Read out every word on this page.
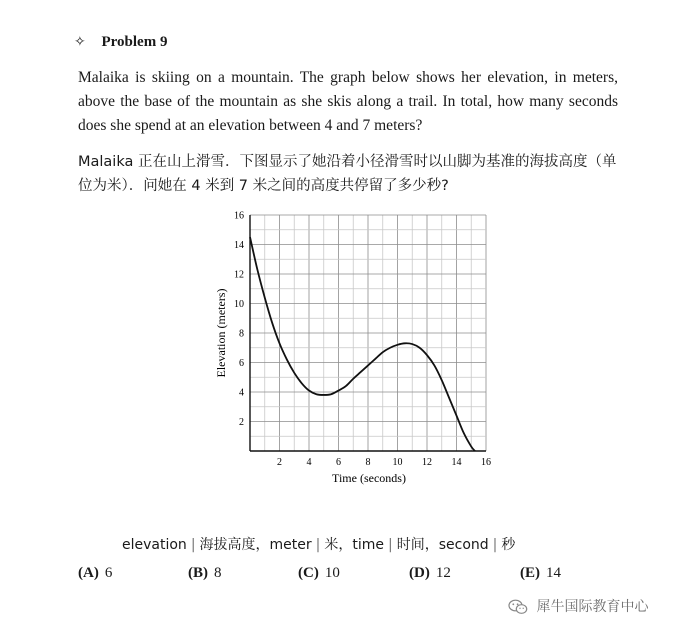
✧ Problem 9
Malaika is skiing on a mountain. The graph below shows her elevation, in meters, above the base of the mountain as she skis along a trail. In total, how many seconds does she spend at an elevation between 4 and 7 meters?
Malaika 正在山上滑雪．下图显示了她沿着小径滑雪时以山脚为基准的海拔高度（单位为米）．问她在 4 米到 7 米之间的高度共停留了多少秒?
2 4 6 8 10 12 14 16
2
4
6
8
10
12
14
16
Time (seconds)
Elevation (meters)
elevation | 海拔高度，meter | 米，time | 时间，second | 秒
(A) 6	(B) 8	(C) 10	(D) 12	(E) 14
犀牛国际教育中心
